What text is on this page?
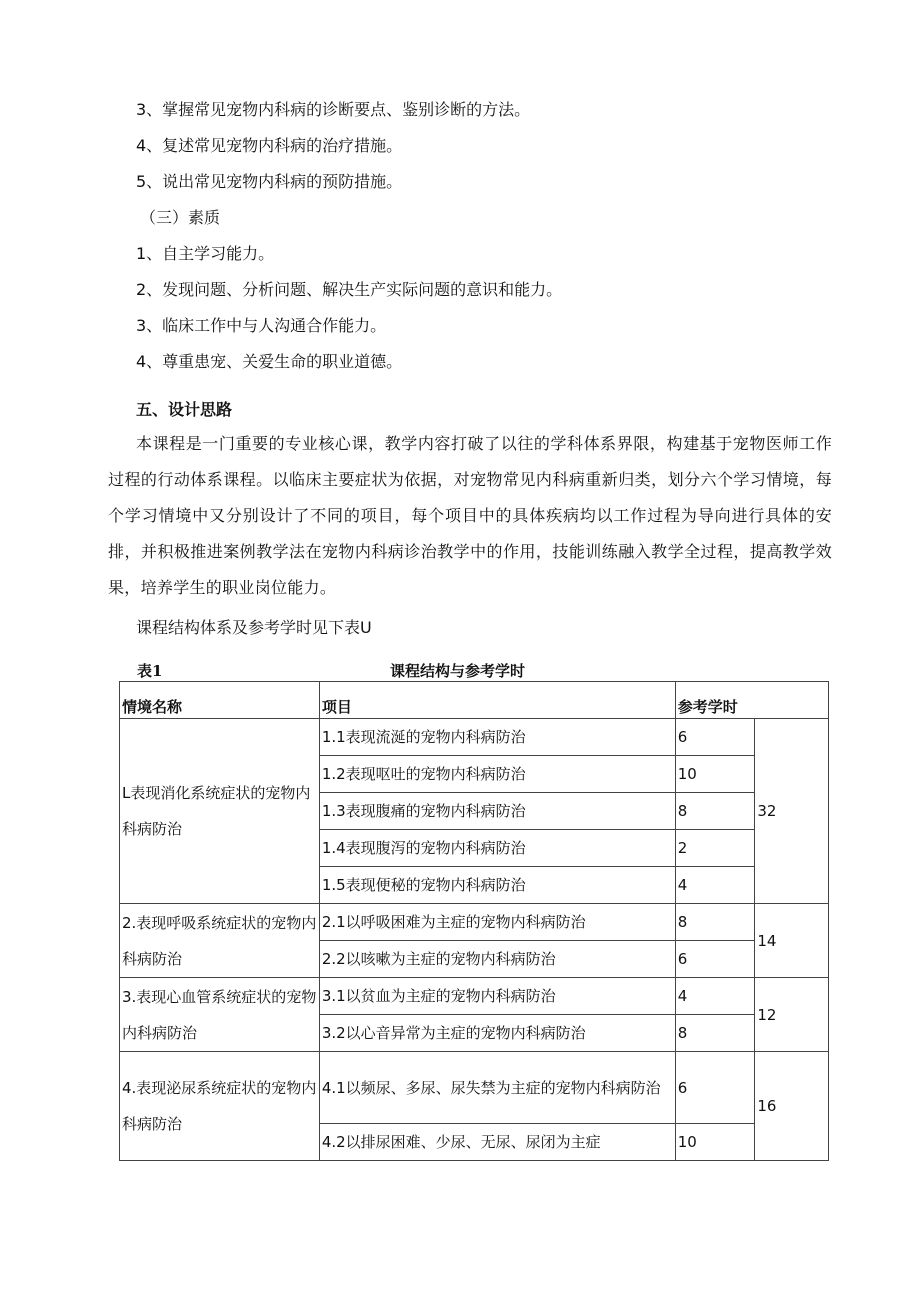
3、掌握常见宠物内科病的诊断要点、鉴别诊断的方法。
4、复述常见宠物内科病的治疗措施。
5、说出常见宠物内科病的预防措施。
（三）素质
1、自主学习能力。
2、发现问题、分析问题、解决生产实际问题的意识和能力。
3、临床工作中与人沟通合作能力。
4、尊重患宠、关爱生命的职业道德。
五、设计思路
本课程是一门重要的专业核心课，教学内容打破了以往的学科体系界限，构建基于宠物医师工作过程的行动体系课程。以临床主要症状为依据，对宠物常见内科病重新归类，划分六个学习情境，每个学习情境中又分别设计了不同的项目，每个项目中的具体疾病均以工作过程为导向进行具体的安排，并积极推进案例教学法在宠物内科病诊治教学中的作用，技能训练融入教学全过程，提高教学效果，培养学生的职业岗位能力。
课程结构体系及参考学时见下表U
表1	课程结构与参考学时
情境名称	项目	参考学时	
L表现消化系统症状的宠物内科病防治	1.1表现流涎的宠物内科病防治	6	32
	1.2表现呕吐的宠物内科病防治	10	
	1.3表现腹痛的宠物内科病防治	8	
	1.4表现腹泻的宠物内科病防治	2	
	1.5表现便秘的宠物内科病防治	4	
2.表现呼吸系统症状的宠物内科病防治	2.1以呼吸困难为主症的宠物内科病防治	8	14
	2.2以咳嗽为主症的宠物内科病防治	6	
3.表现心血管系统症状的宠物内科病防治	3.1以贫血为主症的宠物内科病防治	4	12
	3.2以心音异常为主症的宠物内科病防治	8	
4.表现泌尿系统症状的宠物内科病防治	4.1以频尿、多尿、尿失禁为主症的宠物内科病防治	6	16
	4.2以排尿困难、少尿、无尿、尿闭为主症	10	
